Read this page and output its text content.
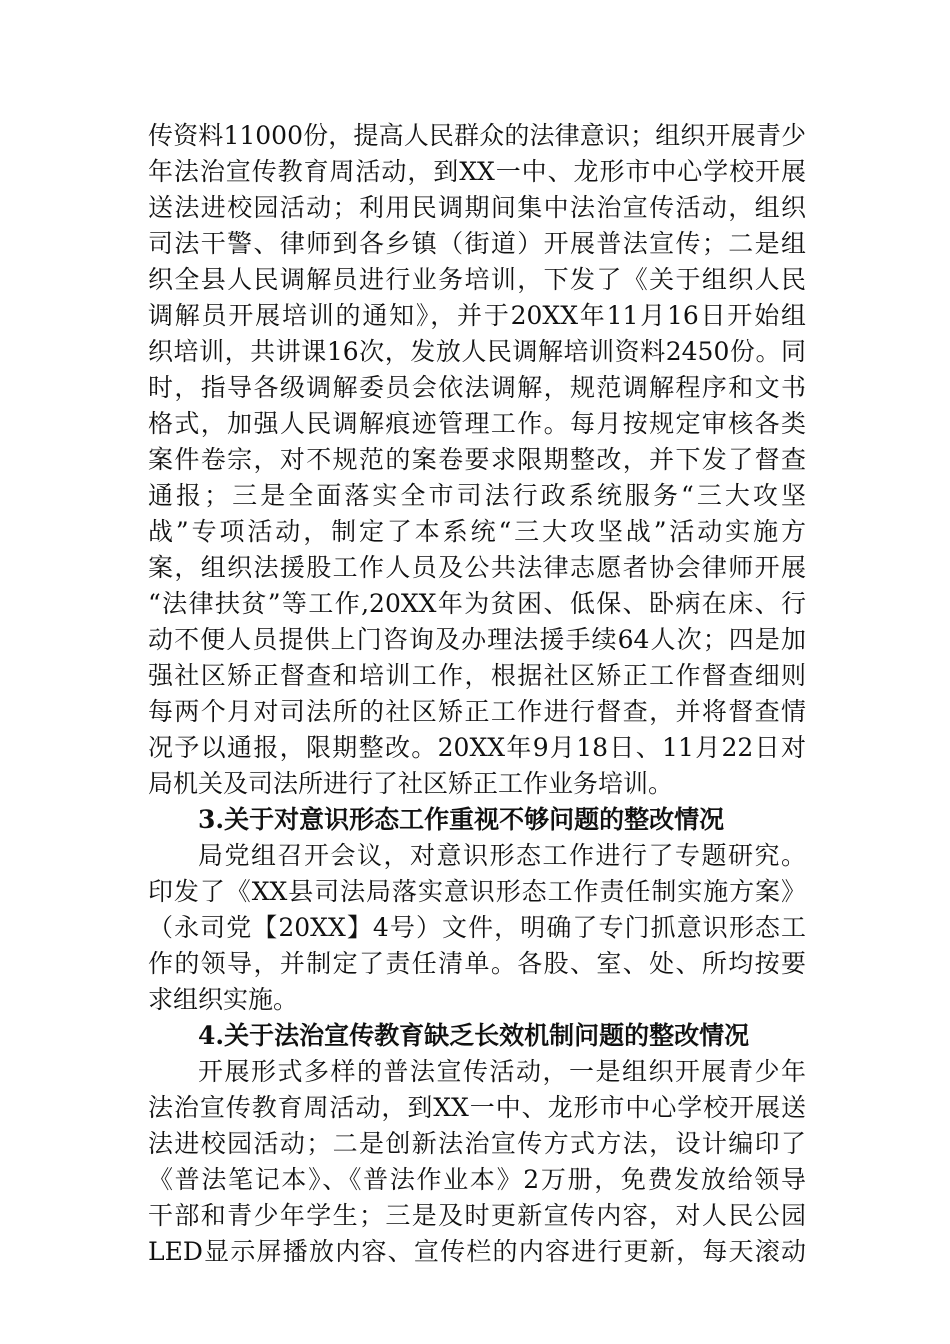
传资料11000份，提高人民群众的法律意识；组织开展青少
年法治宣传教育周活动，到XX一中、龙形市中心学校开展
送法进校园活动；利用民调期间集中法治宣传活动，组织
司法干警、律师到各乡镇（街道）开展普法宣传；二是组
织全县人民调解员进行业务培训，下发了《关于组织人民
调解员开展培训的通知》，并于20XX年11月16日开始组
织培训，共讲课16次，发放人民调解培训资料2450份。同
时，指导各级调解委员会依法调解，规范调解程序和文书
格式，加强人民调解痕迹管理工作。每月按规定审核各类
案件卷宗，对不规范的案卷要求限期整改，并下发了督查
通报；三是全面落实全市司法行政系统服务“三大攻坚
战”专项活动，制定了本系统“三大攻坚战”活动实施方
案，组织法援股工作人员及公共法律志愿者协会律师开展
“法律扶贫”等工作,20XX年为贫困、低保、卧病在床、行
动不便人员提供上门咨询及办理法援手续64人次；四是加
强社区矫正督查和培训工作，根据社区矫正工作督查细则
每两个月对司法所的社区矫正工作进行督查，并将督查情
况予以通报，限期整改。20XX年9月18日、11月22日对
局机关及司法所进行了社区矫正工作业务培训。
3.关于对意识形态工作重视不够问题的整改情况
局党组召开会议，对意识形态工作进行了专题研究。
印发了《XX县司法局落实意识形态工作责任制实施方案》
（永司党【20XX】4号）文件，明确了专门抓意识形态工
作的领导，并制定了责任清单。各股、室、处、所均按要
求组织实施。
4.关于法治宣传教育缺乏长效机制问题的整改情况
开展形式多样的普法宣传活动，一是组织开展青少年
法治宣传教育周活动，到XX一中、龙形市中心学校开展送
法进校园活动；二是创新法治宣传方式方法，设计编印了
《普法笔记本》、《普法作业本》2万册，免费发放给领导
干部和青少年学生；三是及时更新宣传内容，对人民公园
LED显示屏播放内容、宣传栏的内容进行更新，每天滚动
